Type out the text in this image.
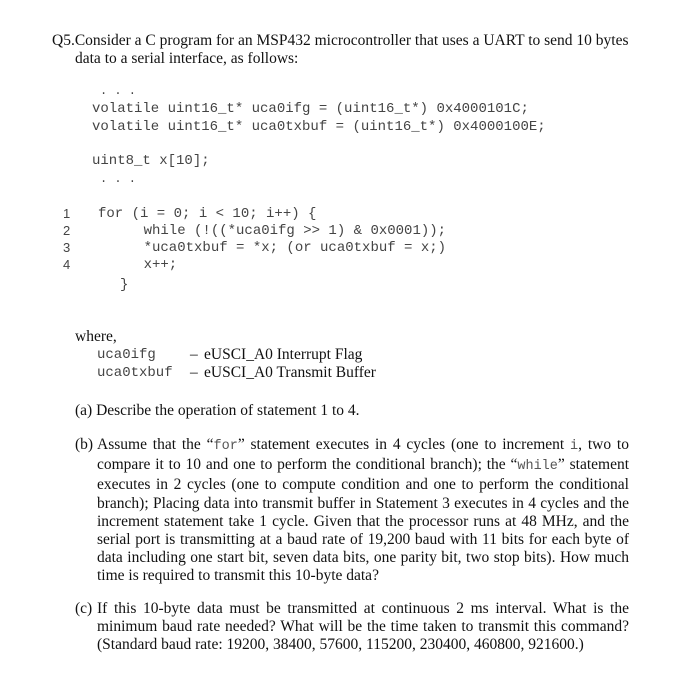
Q5.Consider a C program for an MSP432 microcontroller that uses a UART to send 10 bytes
data to a serial interface, as follows:
. . .
volatile uint16_t* uca0ifg = (uint16_t*) 0x4000101C;
volatile uint16_t* uca0txbuf = (uint16_t*) 0x4000100E;
uint8_t x[10];
. . .
1 for (i = 0; i < 10; i++) {
2	while (!((*uca0ifg >> 1) & 0x0001));
3	*uca0txbuf = *x; (or uca0txbuf = x;)
4	x++;
}
where,
uca0ifg – eUSCI_A0 Interrupt Flag
uca0txbuf – eUSCI_A0 Transmit Buffer
(a) Describe the operation of statement 1 to 4.
(b) Assume that the “for” statement executes in 4 cycles (one to increment i, two to compare it to 10 and one to perform the conditional branch); the “while” statement executes in 2 cycles (one to compute condition and one to perform the conditional branch); Placing data into transmit buffer in Statement 3 executes in 4 cycles and the increment statement take 1 cycle. Given that the processor runs at 48 MHz, and the serial port is transmitting at a baud rate of 19,200 baud with 11 bits for each byte of data including one start bit, seven data bits, one parity bit, two stop bits). How much time is required to transmit this 10-byte data?
(c) If this 10-byte data must be transmitted at continuous 2 ms interval. What is the minimum baud rate needed? What will be the time taken to transmit this command? (Standard baud rate: 19200, 38400, 57600, 115200, 230400, 460800, 921600.)
